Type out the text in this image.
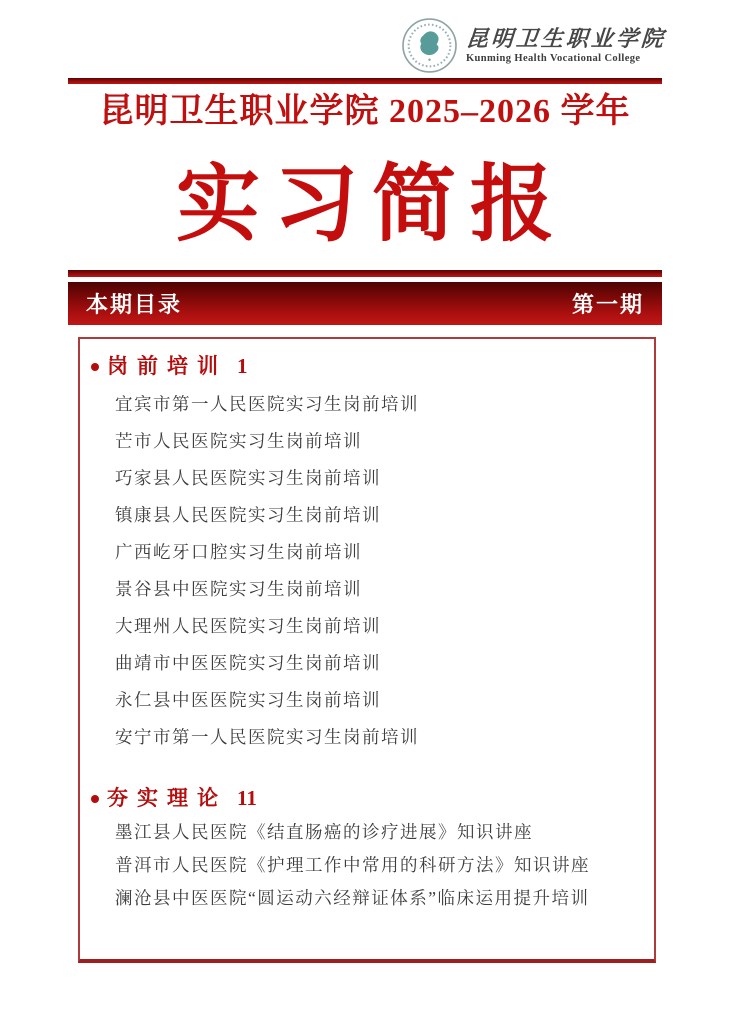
昆明卫生职业学院
Kunming Health Vocational College
昆明卫生职业学院 2025–2026 学年
实习简报
本期目录	第一期
岗前培训 1
宜宾市第一人民医院实习生岗前培训
芒市人民医院实习生岗前培训
巧家县人民医院实习生岗前培训
镇康县人民医院实习生岗前培训
广西屹牙口腔实习生岗前培训
景谷县中医院实习生岗前培训
大理州人民医院实习生岗前培训
曲靖市中医医院实习生岗前培训
永仁县中医医院实习生岗前培训
安宁市第一人民医院实习生岗前培训
夯实理论 11
墨江县人民医院《结直肠癌的诊疗进展》知识讲座
普洱市人民医院《护理工作中常用的科研方法》知识讲座
澜沧县中医医院“圆运动六经辩证体系”临床运用提升培训
